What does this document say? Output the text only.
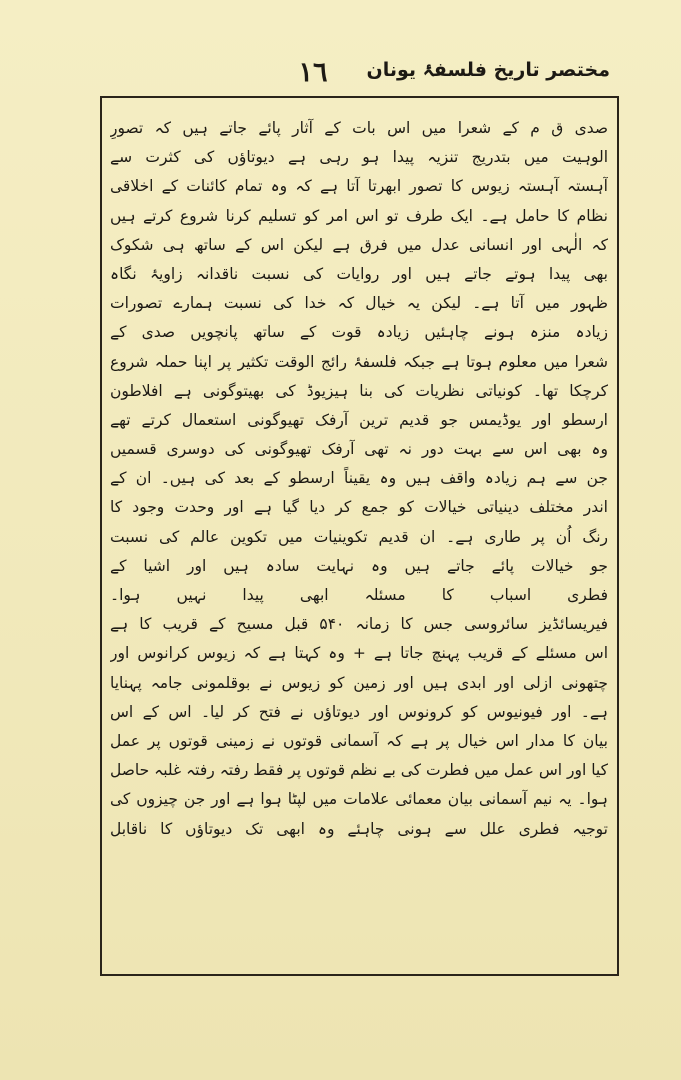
مختصر تاریخ فلسفۂ یونان
۱٦
صدی ق م کے شعرا میں اس بات کے آثار پائے جاتے ہیں کہ تصورِ
الوہیت میں بتدریج تنزیہ پیدا ہو رہی ہے دیوتاؤں کی کثرت سے
آہستہ آہستہ زیوس کا تصور ابھرتا آتا ہے کہ وہ تمام کائنات کے اخلاقی
نظام کا حامل ہے۔ ایک طرف تو اس امر کو تسلیم کرنا شروع کرتے ہیں
کہ الٰہی اور انسانی عدل میں فرق ہے لیکن اس کے ساتھ ہی شکوک
بھی پیدا ہوتے جاتے ہیں اور روایات کی نسبت ناقدانہ زاویۂ نگاہ
ظہور میں آتا ہے۔ لیکن یہ خیال کہ خدا کی نسبت ہمارے تصورات
زیادہ منزہ ہونے چاہئیں زیادہ قوت کے ساتھ پانچویں صدی کے
شعرا میں معلوم ہوتا ہے جبکہ فلسفۂ رائج الوقت تکثیر پر اپنا حملہ شروع
کرچکا تھا۔ کونیاتی نظریات کی بنا ہیزیوڈ کی بھیتوگونی ہے افلاطون
ارسطو اور یوڈیمس جو قدیم ترین آرفک تھیوگونی استعمال کرتے تھے
وہ بھی اس سے بہت دور نہ تھی آرفک تھیوگونی کی دوسری قسمیں
جن سے ہم زیادہ واقف ہیں وہ یقیناً ارسطو کے بعد کی ہیں۔ ان کے
اندر مختلف دینیاتی خیالات کو جمع کر دیا گیا ہے اور وحدت وجود کا
رنگ اُن پر طاری ہے۔ ان قدیم تکوینیات میں تکوین عالم کی نسبت
جو خیالات پائے جاتے ہیں وہ نہایت سادہ ہیں اور اشیا کے
فطری اسباب کا مسئلہ ابھی پیدا نہیں ہوا۔
فیریسائڈیز سائروسی جس کا زمانہ ۵۴۰ قبل مسیح کے قریب کا ہے
اس مسئلے کے قریب پہنچ جاتا ہے + وہ کہتا ہے کہ زیوس کرانوس اور
چتھونی ازلی اور ابدی ہیں اور زمین کو زیوس نے بوقلمونی جامہ پہنایا
ہے۔ اور فیونیوس کو کرونوس اور دیوتاؤں نے فتح کر لیا۔ اس کے اس
بیان کا مدار اس خیال پر ہے کہ آسمانی قوتوں نے زمینی قوتوں پر عمل
کیا اور اس عمل میں فطرت کی بے نظم قوتوں پر فقط رفتہ رفتہ غلبہ حاصل
ہوا۔ یہ نیم آسمانی بیان معمائی علامات میں لپٹا ہوا ہے اور جن چیزوں کی
توجیہ فطری علل سے ہونی چاہئے وہ ابھی تک دیوتاؤں کا ناقابل
